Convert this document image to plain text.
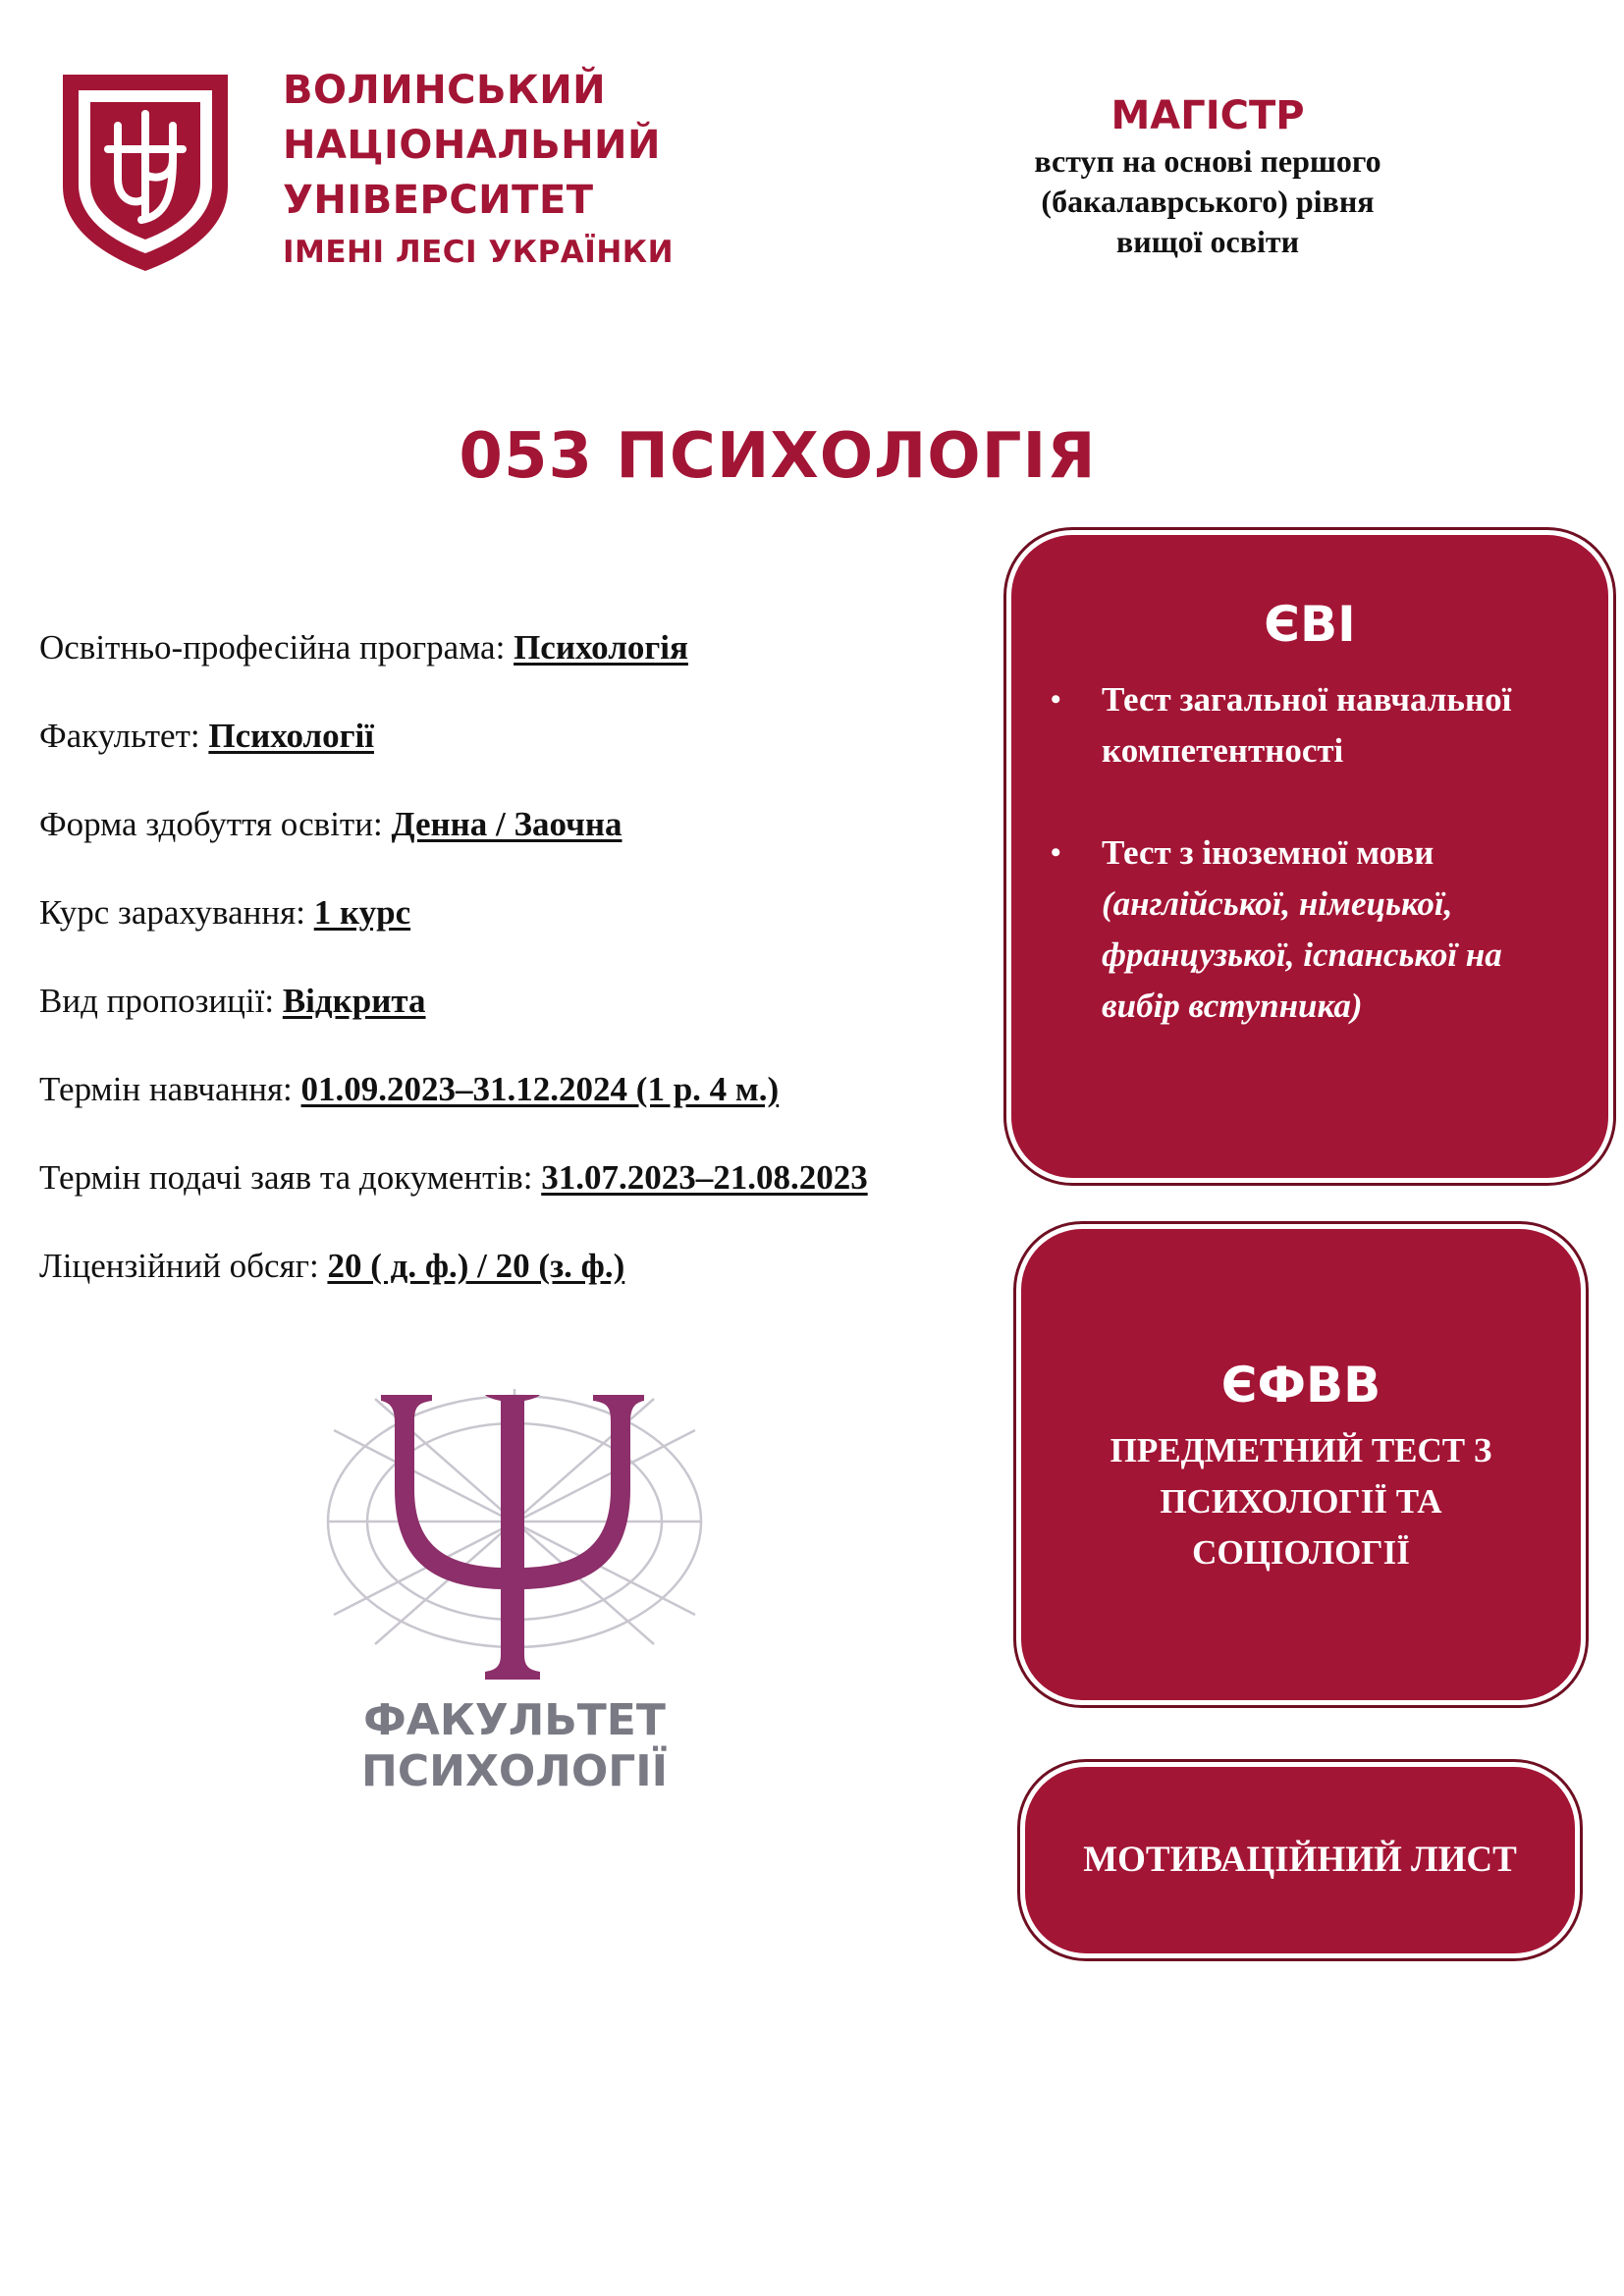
ВОЛИНСЬКИЙ
НАЦІОНАЛЬНИЙ
УНІВЕРСИТЕТ
ІМЕНІ ЛЕСІ УКРАЇНКИ
МАГІСТР
вступ на основі першого
(бакалаврського) рівня
вищої освіти
053 ПСИХОЛОГІЯ
Освітньо-професійна програма: Психологія
Факультет: Психології
Форма здобуття освіти: Денна / Заочна
Курс зарахування: 1 курс
Вид пропозиції: Відкрита
Термін навчання: 01.09.2023–31.12.2024 (1 р. 4 м.)
Термін подачі заяв та документів: 31.07.2023–21.08.2023
Ліцензійний обсяг: 20 ( д. ф.) / 20 (з. ф.)
ФАКУЛЬТЕТ
ПСИХОЛОГІЇ
ЄВІ
• Тест загальної навчальної компетентності
• Тест з іноземної мови (англійської, німецької, французької, іспанської на вибір вступника)
ЄФВВ
ПРЕДМЕТНИЙ ТЕСТ З ПСИХОЛОГІЇ ТА СОЦІОЛОГІЇ
МОТИВАЦІЙНИЙ ЛИСТ
